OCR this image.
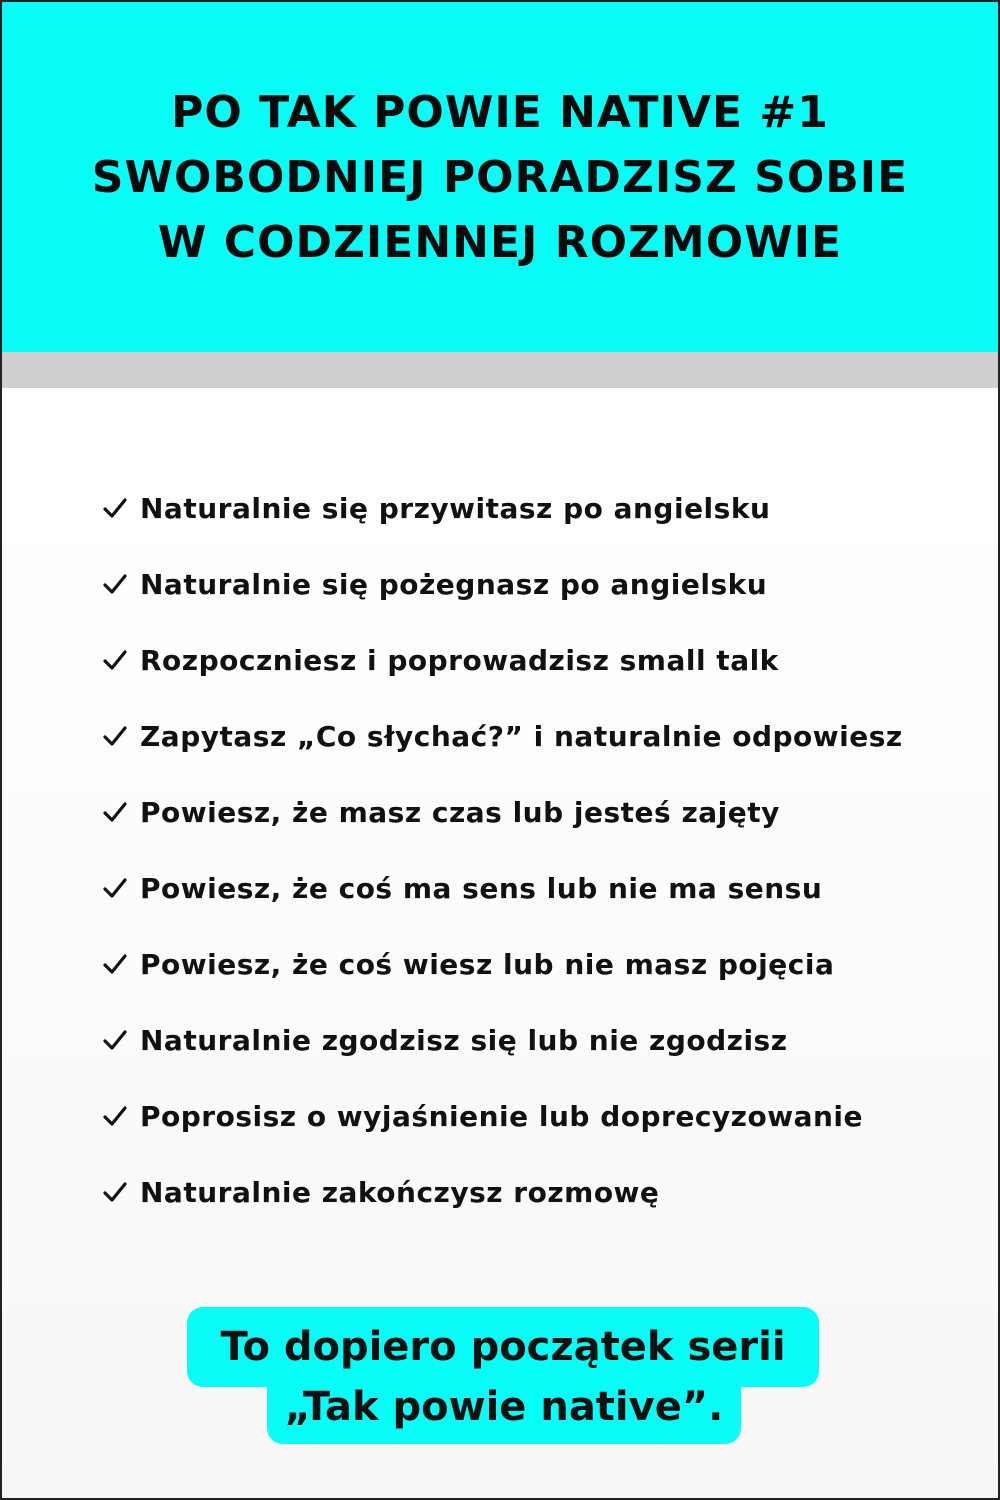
PO TAK POWIE NATIVE #1
SWOBODNIEJ PORADZISZ SOBIE
W CODZIENNEJ ROZMOWIE
Naturalnie się przywitasz po angielsku
Naturalnie się pożegnasz po angielsku
Rozpoczniesz i poprowadzisz small talk
Zapytasz „Co słychać?” i naturalnie odpowiesz
Powiesz, że masz czas lub jesteś zajęty
Powiesz, że coś ma sens lub nie ma sensu
Powiesz, że coś wiesz lub nie masz pojęcia
Naturalnie zgodzisz się lub nie zgodzisz
Poprosisz o wyjaśnienie lub doprecyzowanie
Naturalnie zakończysz rozmowę
To dopiero początek serii
„Tak powie native”.
